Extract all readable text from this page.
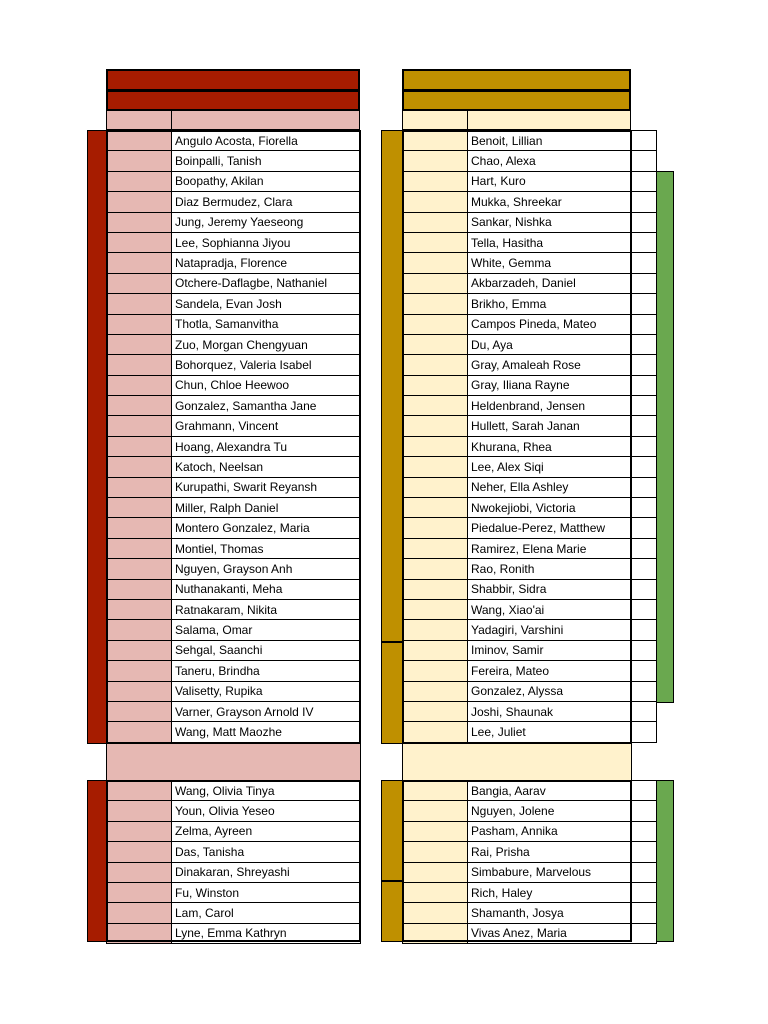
	Angulo Acosta, Fiorella
	Boinpalli, Tanish
	Boopathy, Akilan
	Diaz Bermudez, Clara
	Jung, Jeremy Yaeseong
	Lee, Sophianna Jiyou
	Natapradja, Florence
	Otchere-Daflagbe, Nathaniel
	Sandela, Evan Josh
	Thotla, Samanvitha
	Zuo, Morgan Chengyuan
	Bohorquez, Valeria Isabel
	Chun, Chloe Heewoo
	Gonzalez, Samantha Jane
	Grahmann, Vincent
	Hoang, Alexandra Tu
	Katoch, Neelsan
	Kurupathi, Swarit Reyansh
	Miller, Ralph Daniel
	Montero Gonzalez, Maria
	Montiel, Thomas
	Nguyen, Grayson Anh
	Nuthanakanti, Meha
	Ratnakaram, Nikita
	Salama, Omar
	Sehgal, Saanchi
	Taneru, Brindha
	Valisetty, Rupika
	Varner, Grayson Arnold IV
	Wang, Matt Maozhe
	Benoit, Lillian
	Chao, Alexa
	Hart, Kuro
	Mukka, Shreekar
	Sankar, Nishka
	Tella, Hasitha
	White, Gemma
	Akbarzadeh, Daniel
	Brikho, Emma
	Campos Pineda, Mateo
	Du, Aya
	Gray, Amaleah Rose
	Gray, Iliana Rayne
	Heldenbrand, Jensen
	Hullett, Sarah Janan
	Khurana, Rhea
	Lee, Alex Siqi
	Neher, Ella Ashley
	Nwokejiobi, Victoria
	Piedalue-Perez, Matthew
	Ramirez, Elena Marie
	Rao, Ronith
	Shabbir, Sidra
	Wang, Xiao'ai
	Yadagiri, Varshini
	Iminov, Samir
	Fereira, Mateo
	Gonzalez, Alyssa
	Joshi, Shaunak
	Lee, Juliet
	Wang, Olivia Tinya
	Youn, Olivia Yeseo
	Zelma, Ayreen
	Das, Tanisha
	Dinakaran, Shreyashi
	Fu, Winston
	Lam, Carol
	Lyne, Emma Kathryn
	Bangia, Aarav
	Nguyen, Jolene
	Pasham, Annika
	Rai, Prisha
	Simbabure, Marvelous
	Rich, Haley
	Shamanth, Josya
	Vivas Anez, Maria
